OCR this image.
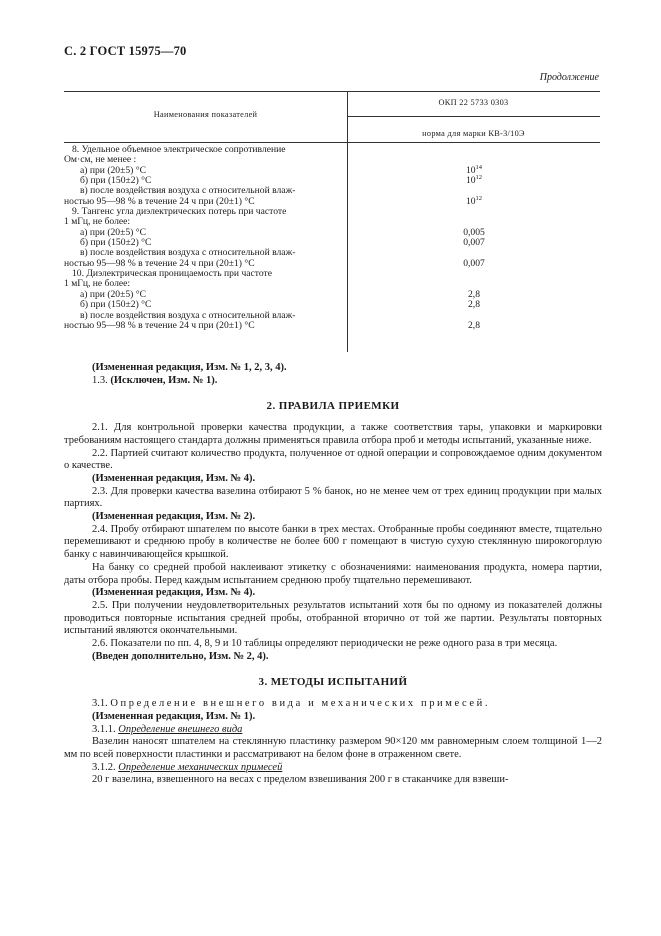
С. 2 ГОСТ 15975—70
Продолжение
Наименования показателей
ОКП 22 5733 0303
норма для марки КВ-3/10Э
8. Удельное объемное электрическое сопротивление
Ом·см, не менее :
а) при (20±5) °С	$10^{14}$
б) при (150±2) °С	$10^{12}$
в) после воздействия воздуха с относительной влаж-
ностью 95—98 % в течение 24 ч при (20±1) °С	$10^{12}$
9. Тангенс угла диэлектрических потерь при частоте
1 мГц, не более:
а) при (20±5) °С	0,005
б) при (150±2) °С	0,007
в) после воздействия воздуха с относительной влаж-
ностью 95—98 % в течение 24 ч при (20±1) °С	0,007
10. Диэлектрическая проницаемость при частоте
1 мГц, не более:
а) при (20±5) °С	2,8
б) при (150±2) °С	2,8
в) после воздействия воздуха с относительной влаж-
ностью 95—98 % в течение 24 ч при (20±1) °С	2,8

(Измененная редакция, Изм. № 1, 2, 3, 4).

1.3. (Исключен, Изм. № 1).

2. ПРАВИЛА ПРИЕМКИ

2.1. Для контрольной проверки качества продукции, а также соответствия тары, упаковки и маркировки требованиям настоящего стандарта должны применяться правила отбора проб и методы испытаний, указанные ниже.

2.2. Партией считают количество продукта, полученное от одной операции и сопровождаемое одним документом о качестве.

(Измененная редакция, Изм. № 4).

2.3. Для проверки качества вазелина отбирают 5 % банок, но не менее чем от трех единиц продукции при малых партиях.

(Измененная редакция, Изм. № 2).

2.4. Пробу отбирают шпателем по высоте банки в трех местах. Отобранные пробы соединяют вместе, тщательно перемешивают и среднюю пробу в количестве не более 600 г помещают в чистую сухую стеклянную широкогорлую банку с навинчивающейся крышкой.

На банку со средней пробой наклеивают этикетку с обозначениями: наименования продукта, номера партии, даты отбора пробы. Перед каждым испытанием среднюю пробу тщательно перемешивают.

(Измененная редакция, Изм. № 4).

2.5. При получении неудовлетворительных результатов испытаний хотя бы по одному из показателей должны проводиться повторные испытания средней пробы, отобранной вторично от той же партии. Результаты повторных испытаний являются окончательными.

2.6. Показатели по пп. 4, 8, 9 и 10 таблицы определяют периодически не реже одного раза в три месяца.

(Введен дополнительно, Изм. № 2, 4).

3. МЕТОДЫ ИСПЫТАНИЙ

3.1. Определение внешнего вида и механических примесей.

(Измененная редакция, Изм. № 1).

3.1.1. Определение внешнего вида

Вазелин наносят шпателем на стеклянную пластинку размером 90×120 мм равномерным слоем толщиной 1—2 мм по всей поверхности пластинки и рассматривают на белом фоне в отраженном свете.

3.1.2. Определение механических примесей

20 г вазелина, взвешенного на весах с пределом взвешивания 200 г в стаканчике для взвеши-
